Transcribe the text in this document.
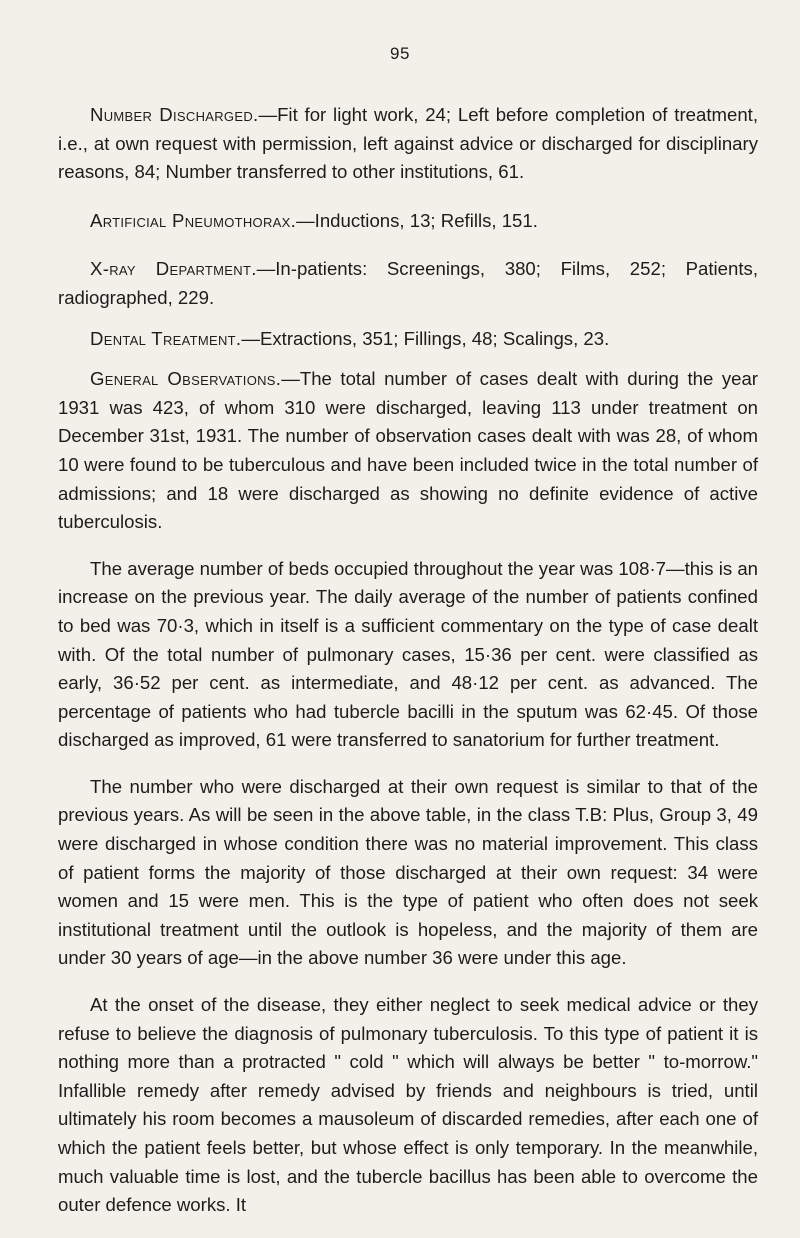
95

Number Discharged.—Fit for light work, 24; Left before completion of treatment, i.e., at own request with permission, left against advice or discharged for disciplinary reasons, 84; Number transferred to other institutions, 61.

Artificial Pneumothorax.—Inductions, 13; Refills, 151.

X-ray Department.—In-patients: Screenings, 380; Films, 252; Patients, radiographed, 229.

Dental Treatment.—Extractions, 351; Fillings, 48; Scalings, 23.

General Observations.—The total number of cases dealt with during the year 1931 was 423, of whom 310 were discharged, leaving 113 under treatment on December 31st, 1931. The number of observation cases dealt with was 28, of whom 10 were found to be tuberculous and have been included twice in the total number of admissions; and 18 were discharged as showing no definite evidence of active tuberculosis.

The average number of beds occupied throughout the year was 108·7—this is an increase on the previous year. The daily average of the number of patients confined to bed was 70·3, which in itself is a sufficient commentary on the type of case dealt with. Of the total number of pulmonary cases, 15·36 per cent. were classified as early, 36·52 per cent. as intermediate, and 48·12 per cent. as advanced. The percentage of patients who had tubercle bacilli in the sputum was 62·45. Of those discharged as improved, 61 were transferred to sanatorium for further treatment.

The number who were discharged at their own request is similar to that of the previous years. As will be seen in the above table, in the class T.B: Plus, Group 3, 49 were discharged in whose condition there was no material improvement. This class of patient forms the majority of those discharged at their own request: 34 were women and 15 were men. This is the type of patient who often does not seek institutional treatment until the outlook is hopeless, and the majority of them are under 30 years of age—in the above number 36 were under this age.

At the onset of the disease, they either neglect to seek medical advice or they refuse to believe the diagnosis of pulmonary tuberculosis. To this type of patient it is nothing more than a protracted " cold " which will always be better " to-morrow." Infallible remedy after remedy advised by friends and neighbours is tried, until ultimately his room becomes a mausoleum of discarded remedies, after each one of which the patient feels better, but whose effect is only temporary. In the meanwhile, much valuable time is lost, and the tubercle bacillus has been able to overcome the outer defence works. It
